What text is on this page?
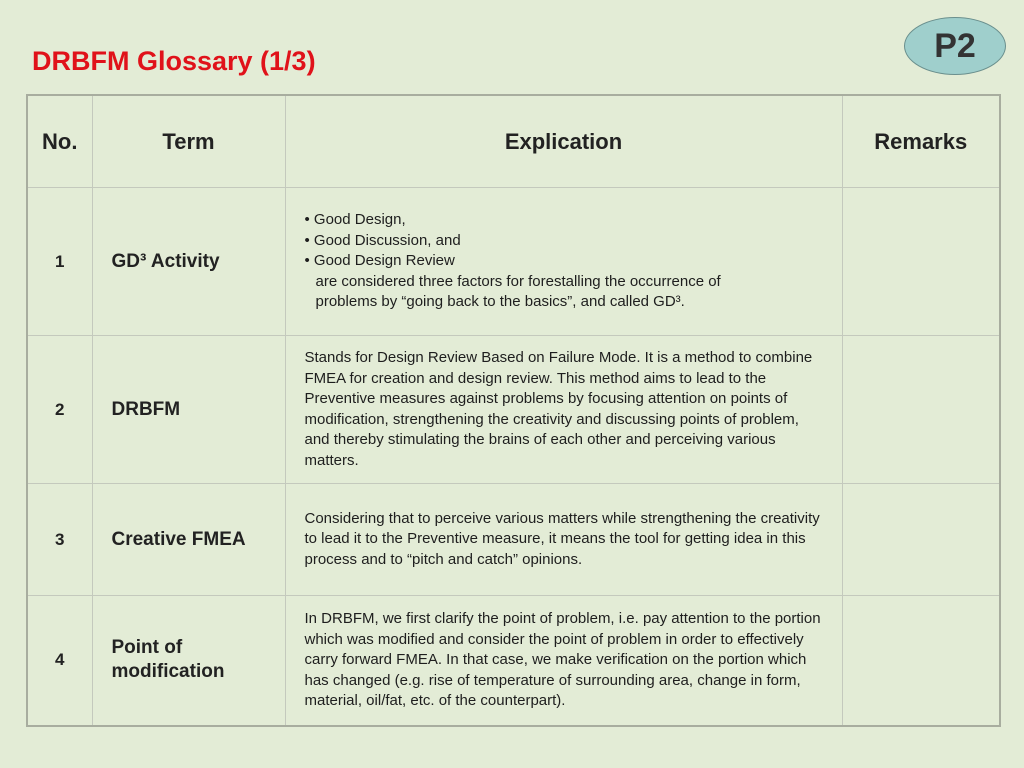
DRBFM Glossary (1/3)	P2
No.	Term	Explication	Remarks
1	GD³ Activity	• Good Design,
• Good Discussion, and
• Good Design Review
are considered three factors for forestalling the occurrence of
problems by “going back to the basics”, and called GD³.	

2	DRBFM	Stands for Design Review Based on Failure Mode. It is a method to combine FMEA for creation and design review. This method aims to lead to the Preventive measures against problems by focusing attention on points of modification, strengthening the creativity and discussing points of problem, and thereby stimulating the brains of each other and perceiving various matters.	
3	Creative FMEA	Considering that to perceive various matters while strengthening the creativity to lead it to the Preventive measure, it means the tool for getting idea in this process and to “pitch and catch” opinions.	
4	Point of
modification	In DRBFM, we first clarify the point of problem, i.e. pay attention to the portion which was modified and consider the point of problem in order to effectively carry forward FMEA. In that case, we make verification on the portion which has changed (e.g. rise of temperature of surrounding area, change in form, material, oil/fat, etc. of the counterpart).	
